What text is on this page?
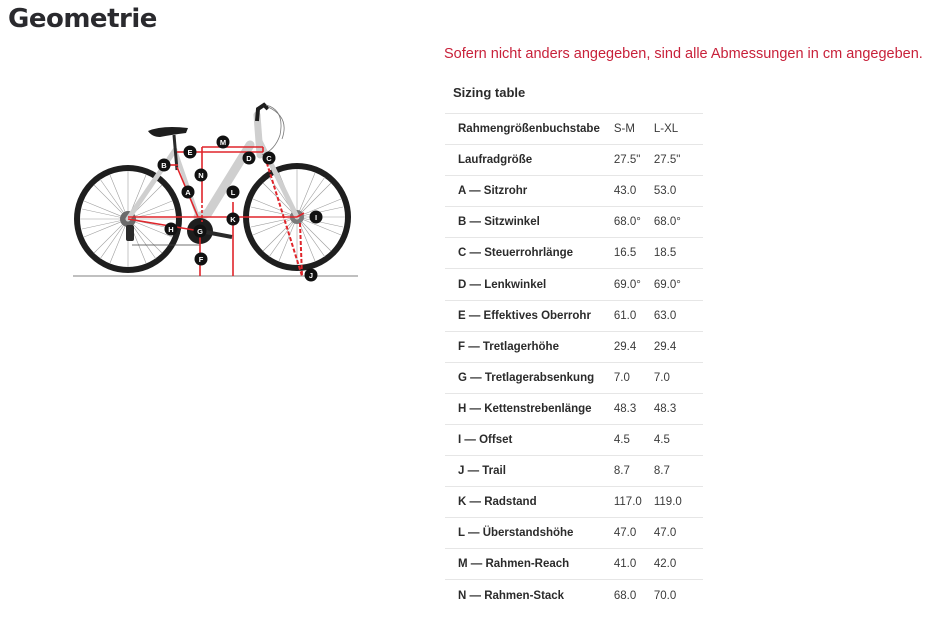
Geometrie
M
E
D C
B
N
A	L
K	I
H	G
F
J
Sofern nicht anders angegeben, sind alle Abmessungen in cm angegeben.
Sizing table
Rahmengrößenbuchstabe	S-M	L-XL
Laufradgröße	27.5"	27.5"
A — Sitzrohr	43.0	53.0
B — Sitzwinkel	68.0°	68.0°
C — Steuerrohrlänge	16.5	18.5
D — Lenkwinkel	69.0°	69.0°
E — Effektives Oberrohr	61.0	63.0
F — Tretlagerhöhe	29.4	29.4
G — Tretlagerabsenkung	7.0	7.0
H — Kettenstrebenlänge	48.3	48.3
I — Offset	4.5	4.5
J — Trail	8.7	8.7
K — Radstand	117.0	119.0
L — Überstandshöhe	47.0	47.0
M — Rahmen-Reach	41.0	42.0
N — Rahmen-Stack	68.0	70.0
